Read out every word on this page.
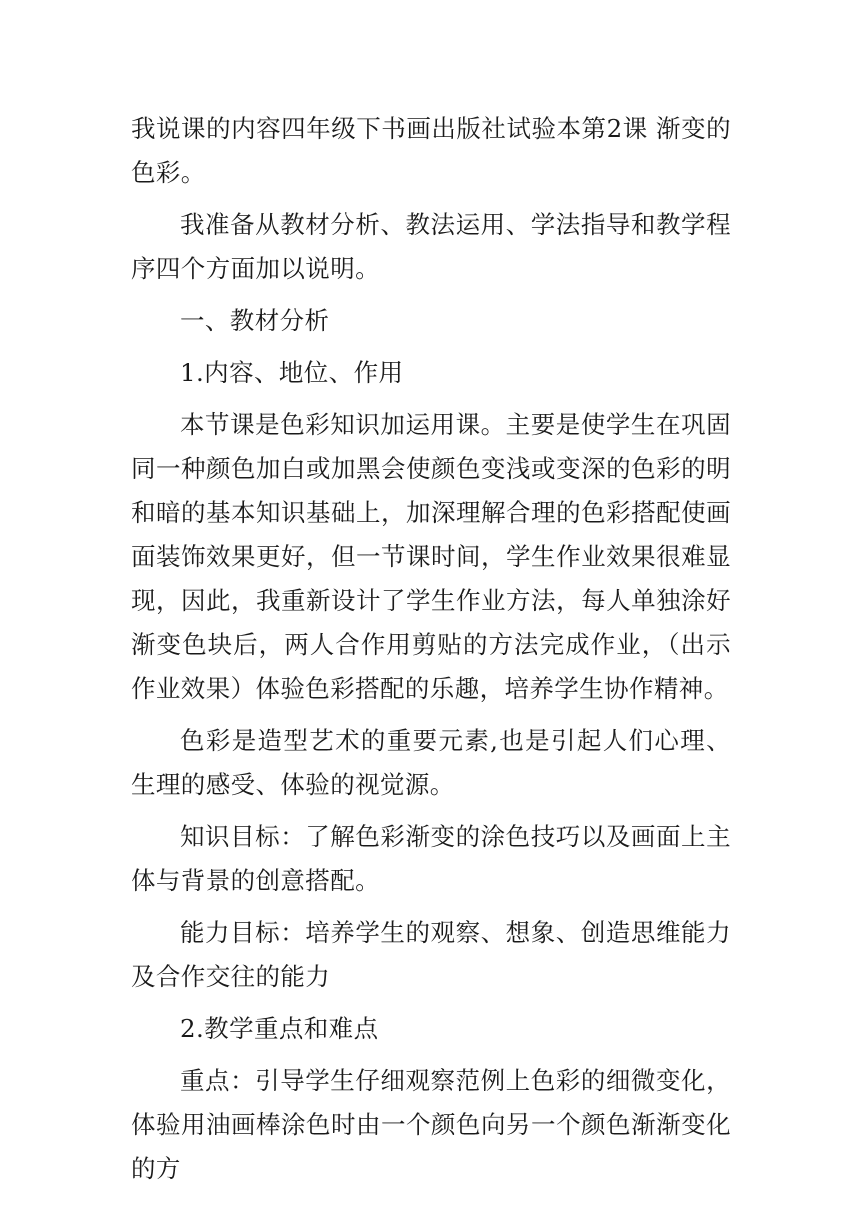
我说课的内容四年级下书画出版社试验本第2课 渐变的色彩。

我准备从教材分析、教法运用、学法指导和教学程序四个方面加以说明。

一、教材分析

1.内容、地位、作用

本节课是色彩知识加运用课。主要是使学生在巩固同一种颜色加白或加黑会使颜色变浅或变深的色彩的明和暗的基本知识基础上，加深理解合理的色彩搭配使画面装饰效果更好，但一节课时间，学生作业效果很难显现，因此，我重新设计了学生作业方法，每人单独涂好渐变色块后，两人合作用剪贴的方法完成作业，（出示作业效果）体验色彩搭配的乐趣，培养学生协作精神。

色彩是造型艺术的重要元素,也是引起人们心理、生理的感受、体验的视觉源。

知识目标：了解色彩渐变的涂色技巧以及画面上主体与背景的创意搭配。

能力目标：培养学生的观察、想象、创造思维能力及合作交往的能力

2.教学重点和难点

重点：引导学生仔细观察范例上色彩的细微变化，体验用油画棒涂色时由一个颜色向另一个颜色渐渐变化的方
